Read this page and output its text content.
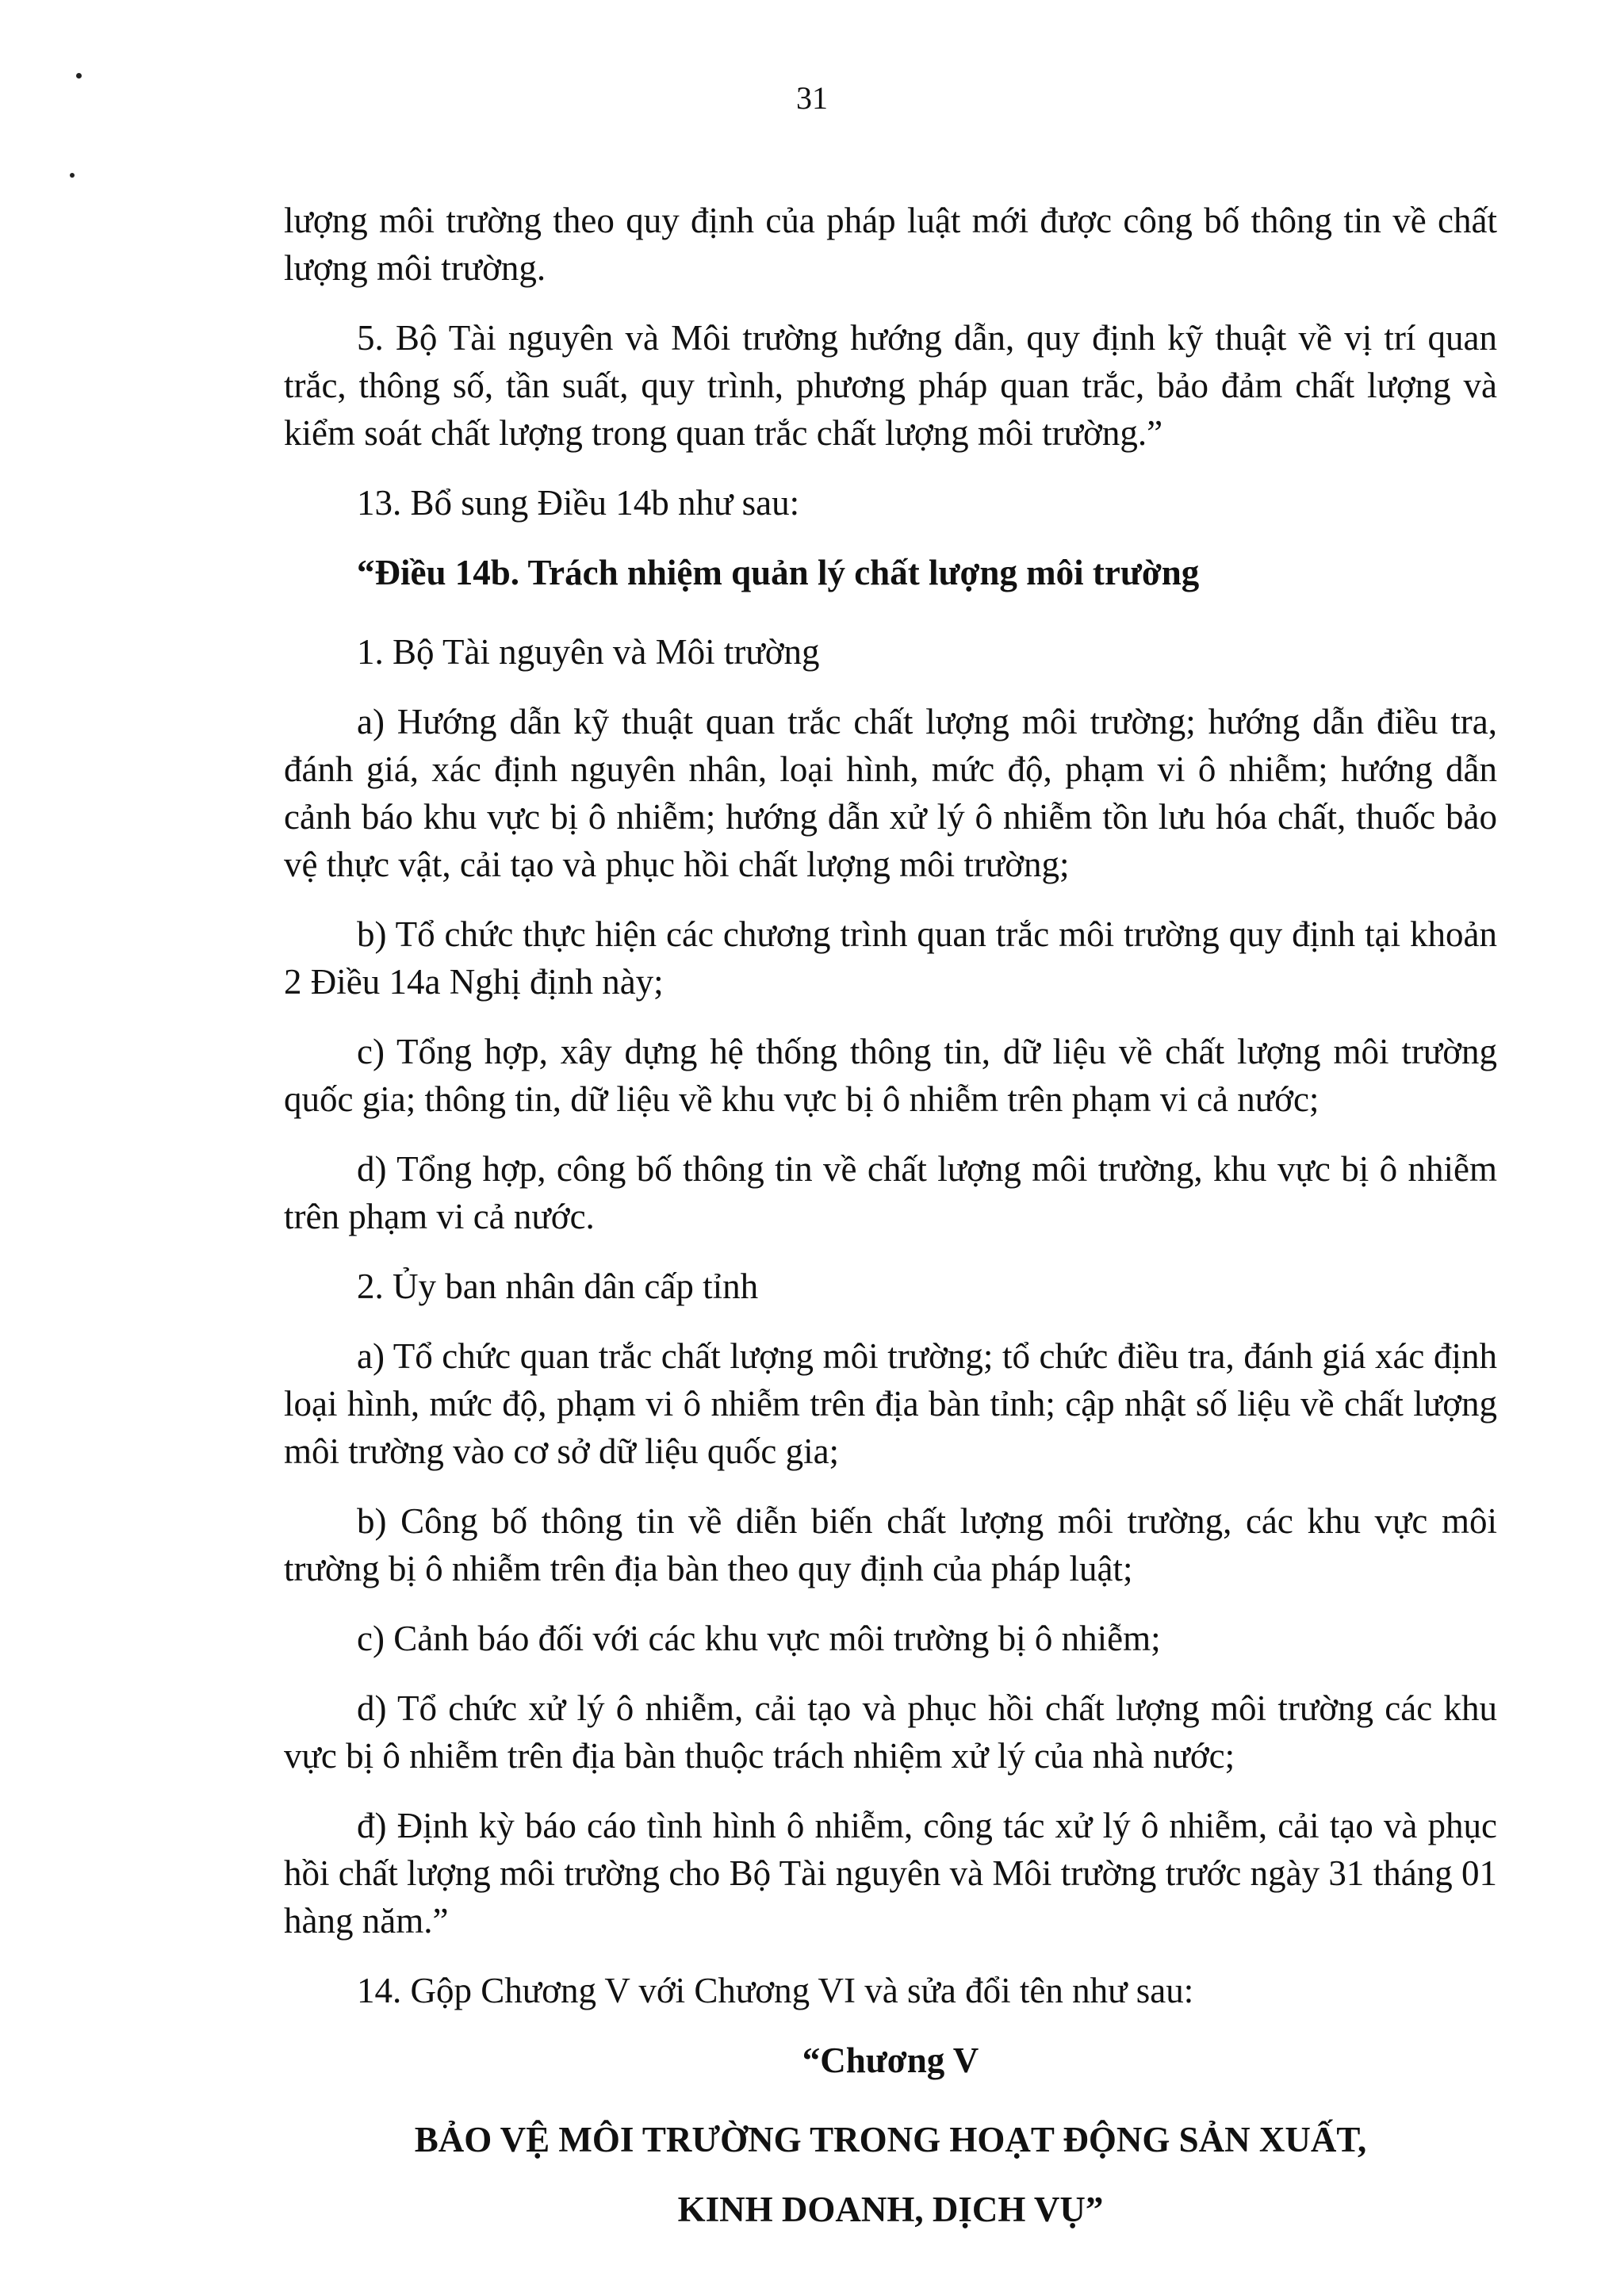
31

lượng môi trường theo quy định của pháp luật mới được công bố thông tin về chất lượng môi trường.

5. Bộ Tài nguyên và Môi trường hướng dẫn, quy định kỹ thuật về vị trí quan trắc, thông số, tần suất, quy trình, phương pháp quan trắc, bảo đảm chất lượng và kiểm soát chất lượng trong quan trắc chất lượng môi trường.”

13. Bổ sung Điều 14b như sau:

“Điều 14b. Trách nhiệm quản lý chất lượng môi trường

1. Bộ Tài nguyên và Môi trường

a) Hướng dẫn kỹ thuật quan trắc chất lượng môi trường; hướng dẫn điều tra, đánh giá, xác định nguyên nhân, loại hình, mức độ, phạm vi ô nhiễm; hướng dẫn cảnh báo khu vực bị ô nhiễm; hướng dẫn xử lý ô nhiễm tồn lưu hóa chất, thuốc bảo vệ thực vật, cải tạo và phục hồi chất lượng môi trường;

b) Tổ chức thực hiện các chương trình quan trắc môi trường quy định tại khoản 2 Điều 14a Nghị định này;

c) Tổng hợp, xây dựng hệ thống thông tin, dữ liệu về chất lượng môi trường quốc gia; thông tin, dữ liệu về khu vực bị ô nhiễm trên phạm vi cả nước;

d) Tổng hợp, công bố thông tin về chất lượng môi trường, khu vực bị ô nhiễm trên phạm vi cả nước.

2. Ủy ban nhân dân cấp tỉnh

a) Tổ chức quan trắc chất lượng môi trường; tổ chức điều tra, đánh giá xác định loại hình, mức độ, phạm vi ô nhiễm trên địa bàn tỉnh; cập nhật số liệu về chất lượng môi trường vào cơ sở dữ liệu quốc gia;

b) Công bố thông tin về diễn biến chất lượng môi trường, các khu vực môi trường bị ô nhiễm trên địa bàn theo quy định của pháp luật;

c) Cảnh báo đối với các khu vực môi trường bị ô nhiễm;

d) Tổ chức xử lý ô nhiễm, cải tạo và phục hồi chất lượng môi trường các khu vực bị ô nhiễm trên địa bàn thuộc trách nhiệm xử lý của nhà nước;

đ) Định kỳ báo cáo tình hình ô nhiễm, công tác xử lý ô nhiễm, cải tạo và phục hồi chất lượng môi trường cho Bộ Tài nguyên và Môi trường trước ngày 31 tháng 01 hàng năm.”

14. Gộp Chương V với Chương VI và sửa đổi tên như sau:

“Chương V

BẢO VỆ MÔI TRƯỜNG TRONG HOẠT ĐỘNG SẢN XUẤT,

KINH DOANH, DỊCH VỤ”
